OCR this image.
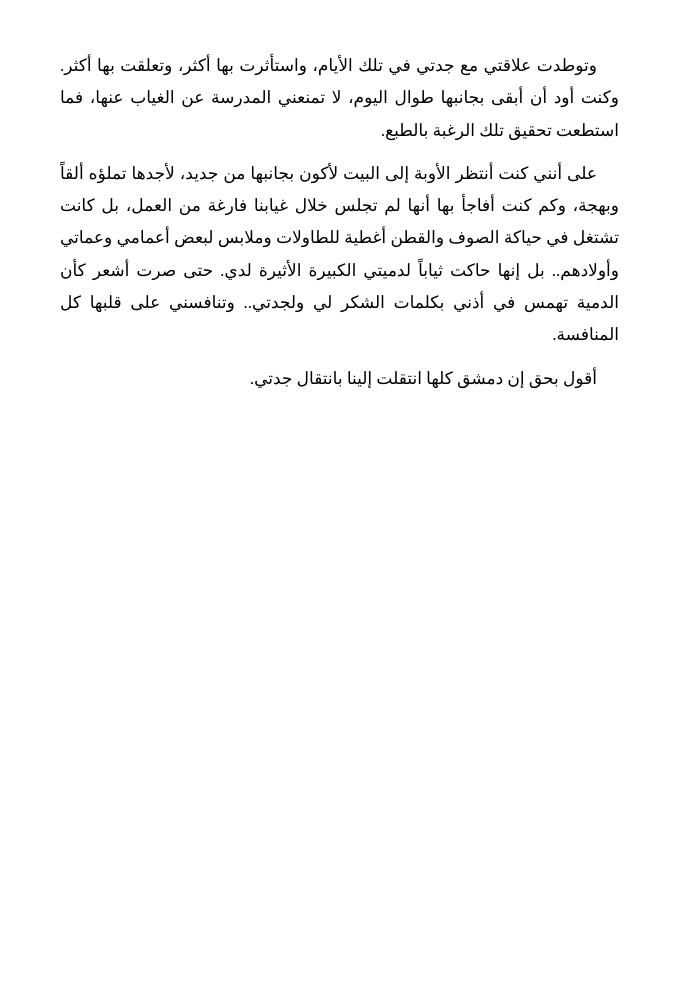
وتوطدت علاقتي مع جدتي في تلك الأيام، واستأثرت بها أكثر، وتعلقت بها أكثر. وكنت أود أن أبقى بجانبها طوال اليوم، لا تمنعني المدرسة عن الغياب عنها، فما استطعت تحقيق تلك الرغبة بالطبع.

على أنني كنت أنتظر الأوبة إلى البيت لأكون بجانبها من جديد، لأجدها تملؤه ألقاً وبهجة، وكم كنت أفاجأ بها أنها لم تجلس خلال غيابنا فارغة من العمل، بل كانت تشتغل في حياكة الصوف والقطن أغطية للطاولات وملابس لبعض أعمامي وعماتي وأولادهم.. بل إنها حاكت ثياباً لدميتي الكبيرة الأثيرة لدي. حتى صرت أشعر كأن الدمية تهمس في أذني بكلمات الشكر لي ولجدتي.. وتنافسني على قلبها كل المنافسة.

أقول بحق إن دمشق كلها انتقلت إلينا بانتقال جدتي.
